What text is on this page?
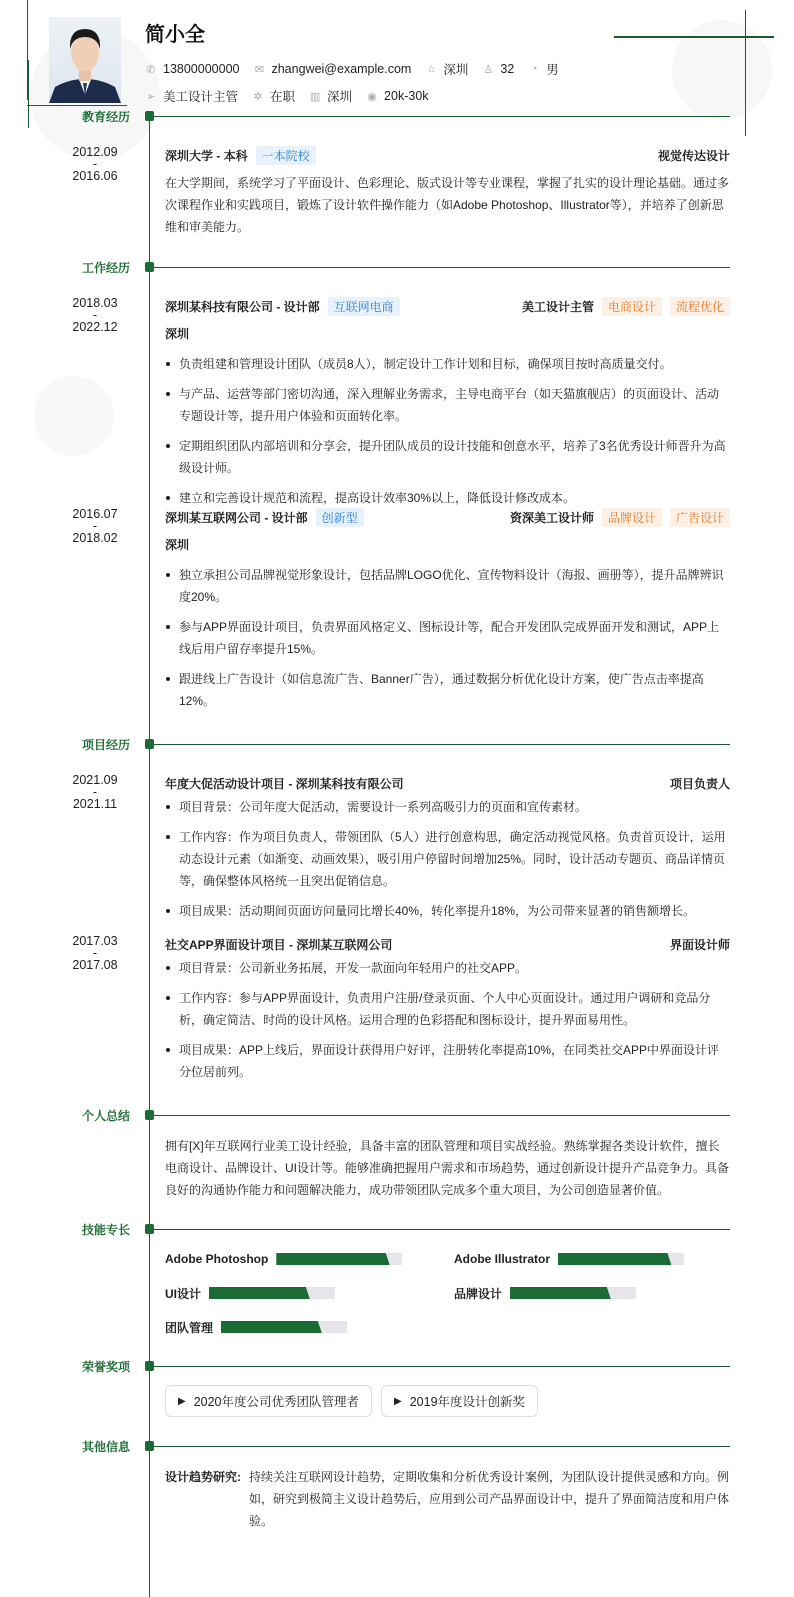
简小全
✆ 13800000000 ✉ zhangwei@example.com ⌂ 深圳 ♙ 32 ◔ 男
➢ 美工设计主管 ✲ 在职 ▥ 深圳 ◉ 20k-30k
教育经历
2012.09
-
2016.06
深圳大学 - 本科	一本院校	视觉传达设计
在大学期间，系统学习了平面设计、色彩理论、版式设计等专业课程，掌握了扎实的设计理论基础。通过多次课程作业和实践项目，锻炼了设计软件操作能力（如Adobe Photoshop、Illustrator等），并培养了创新思维和审美能力。
工作经历
2018.03
-
2022.12
深圳某科技有限公司 - 设计部	互联网电商	美工设计主管	电商设计	流程优化
深圳
负责组建和管理设计团队（成员8人），制定设计工作计划和目标，确保项目按时高质量交付。
与产品、运营等部门密切沟通，深入理解业务需求，主导电商平台（如天猫旗舰店）的页面设计、活动专题设计等，提升用户体验和页面转化率。
定期组织团队内部培训和分享会，提升团队成员的设计技能和创意水平，培养了3名优秀设计师晋升为高级设计师。
建立和完善设计规范和流程，提高设计效率30%以上，降低设计修改成本。
2016.07
-
2018.02
深圳某互联网公司 - 设计部	创新型	资深美工设计师	品牌设计	广告设计
深圳
独立承担公司品牌视觉形象设计，包括品牌LOGO优化、宣传物料设计（海报、画册等），提升品牌辨识度20%。
参与APP界面设计项目，负责界面风格定义、图标设计等，配合开发团队完成界面开发和测试，APP上线后用户留存率提升15%。
跟进线上广告设计（如信息流广告、Banner广告），通过数据分析优化设计方案，使广告点击率提高12%。
项目经历
2021.09
-
2021.11
年度大促活动设计项目 - 深圳某科技有限公司	项目负责人
项目背景：公司年度大促活动，需要设计一系列高吸引力的页面和宣传素材。
工作内容：作为项目负责人，带领团队（5人）进行创意构思，确定活动视觉风格。负责首页设计，运用动态设计元素（如渐变、动画效果），吸引用户停留时间增加25%。同时，设计活动专题页、商品详情页等，确保整体风格统一且突出促销信息。
项目成果：活动期间页面访问量同比增长40%，转化率提升18%，为公司带来显著的销售额增长。
2017.03
-
2017.08
社交APP界面设计项目 - 深圳某互联网公司	界面设计师
项目背景：公司新业务拓展，开发一款面向年轻用户的社交APP。
工作内容：参与APP界面设计，负责用户注册/登录页面、个人中心页面设计。通过用户调研和竞品分析，确定简洁、时尚的设计风格。运用合理的色彩搭配和图标设计，提升界面易用性。
项目成果：APP上线后，界面设计获得用户好评，注册转化率提高10%，在同类社交APP中界面设计评分位居前列。
个人总结
拥有[X]年互联网行业美工设计经验，具备丰富的团队管理和项目实战经验。熟练掌握各类设计软件，擅长电商设计、品牌设计、UI设计等。能够准确把握用户需求和市场趋势，通过创新设计提升产品竞争力。具备良好的沟通协作能力和问题解决能力，成功带领团队完成多个重大项目，为公司创造显著价值。
技能专长
Adobe Photoshop	Adobe Illustrator
UI设计	品牌设计
团队管理
荣誉奖项
▶ 2020年度公司优秀团队管理者	▶ 2019年度设计创新奖
其他信息
设计趋势研究: 持续关注互联网设计趋势，定期收集和分析优秀设计案例，为团队设计提供灵感和方向。例如，研究到极简主义设计趋势后，应用到公司产品界面设计中，提升了界面简洁度和用户体验。
